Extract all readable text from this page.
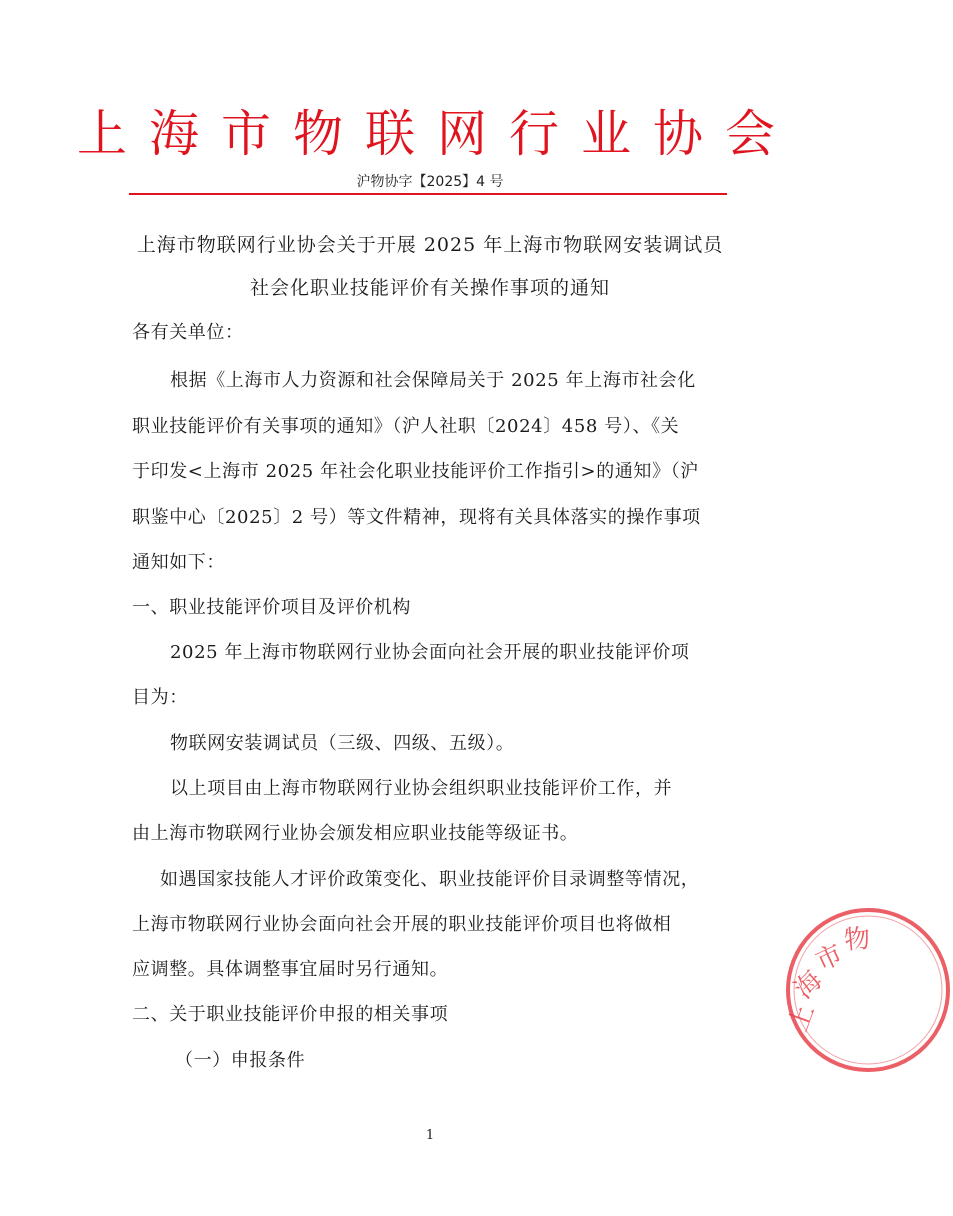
上海市物联网行业协会
沪物协字【2025】4 号
上海市物联网行业协会关于开展 2025 年上海市物联网安装调试员
社会化职业技能评价有关操作事项的通知
各有关单位：
根据《上海市人力资源和社会保障局关于 2025 年上海市社会化
职业技能评价有关事项的通知》（沪人社职〔2024〕458 号）、《关
于印发<上海市 2025 年社会化职业技能评价工作指引>的通知》（沪
职鉴中心〔2025〕2 号）等文件精神，现将有关具体落实的操作事项
通知如下：
一、职业技能评价项目及评价机构
2025 年上海市物联网行业协会面向社会开展的职业技能评价项
目为：
物联网安装调试员（三级、四级、五级）。
以上项目由上海市物联网行业协会组织职业技能评价工作，并
由上海市物联网行业协会颁发相应职业技能等级证书。
如遇国家技能人才评价政策变化、职业技能评价目录调整等情况，
上海市物联网行业协会面向社会开展的职业技能评价项目也将做相
应调整。具体调整事宜届时另行通知。
二、关于职业技能评价申报的相关事项
（一）申报条件
1
上
海
市
物
